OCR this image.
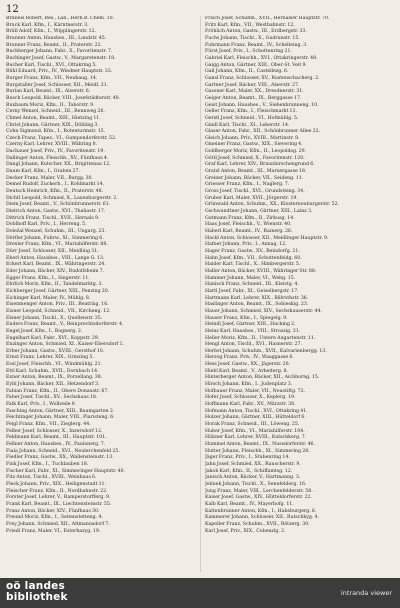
12

Bruneis Robert, Bes., Lab., Herb.B. Chem. 10.

Bruck Karl, Kfm., I., Kärntnerstr. 3.

Brüll Adolf, Kfm., I., Wipplingerstr. 12.

Brunner Anton, Hausbes., III., Landstr. 45.

Brunner Franz, Beamt., II., Praterstr. 22.

Buchberger Johann, Fabr., X., Favoritenstr. 7.

Buchinger Josef, Gastw., V., Margaretenstr. 18.

Bucher Karl, Tischl., XVI., Ottakring 5.

Bühl Eduard, Priv., IV., Wiedner Hauptstr. 33.

Burger Franz, Kfm., VII., Neubaug. 14.

Burgstaller Josef, Schlosser, XII., Meidl. 21.

Burian Karl, Beamt., IX., Alserstr. 6.

Busch Leopold, Bäcker, VIII., Josefstädterstr. 40.

Buxbaum Moriz, Kfm., II., Taborstr. 9.

Cerny Wenzel, Schneid., III., Rennweg 26.

Chmel Anton, Beamt., XIII., Hietzing 11.

Christ Johann, Gärtner, XIX., Döbling 3.

Cohn Sigmund, Kfm., I., Rotenturmstr. 15.

Czech Franz, Tapez., VI., Gumpendorferstr. 52.

Czerny Karl, Lehrer, XVIII., Währing 8.

Dachauer Josef, Priv., IV., Favoritenstr. 19.

Dallinger Anton, Fleischh., XV., Fünfhaus 4.

Dangl Johann, Kutscher, XX., Brigittenau 12.

Daum Karl, Kfm., I., Graben 27.

Decker Franz, Maler, VII., Burgg. 30.

Demel Rudolf, Zuckerb., I., Kohlmarkt 14.

Deutsch Heinrich, Kfm., II., Praterstr. 48.

Dichtl Leopold, Schmied, X., Laxenburgerstr. 2.

Diem Josef, Beamt., V., Schönbrunnerstr. 61.

Dietrich Anton, Gastw., XVI., Thaliastr. 17.

Dittrich Franz, Tischl., XVII., Hernals 9.

Doblhoff Karl, Priv., I., Herreng. 5.

Doležal Wenzel, Schuhm., III., Ungarg. 23.

Dörfler Johann, Fuhrw., XI., Simmering 6.

Drexler Franz, Kfm., VI., Mariahilferstr. 88.

Dürr Josef, Schlosser, XII., Meidling 31.

Eberl Anton, Hausbes., VIII., Lange G. 13.

Eckert Karl, Beamt., IX., Währingerstr. 24.

Eder Johann, Bäcker, XIV., Rudolfsheim 7.

Egger Franz, Kfm., I., Singerstr. 11.

Ehrlich Moriz, Kfm., II., Tandelmarktg. 3.

Eichberger Josef, Gärtner, XIII., Penzing 20.

Eichinger Karl, Maler, IV., Mühlg. 8.

Eisenmenger Anton, Priv., III., Beatrixg. 16.

Eisner Leopold, Schneid., VII., Kircheng. 12.

Elsner Johann, Tischl., X., Quellenstr. 35.

Enders Franz, Beamt., V., Reinprechtsdorferstr. 4.

Engel Josef, Kfm., I., Bognerg. 2.

Engelhart Karl, Fabr., XVI., Koppstr. 29.

Enzinger Anton, Schmied, XI., Kaiser-Ebersdorf 1.

Erber Johann, Gastw., XVIII., Gersthof 10.

Ernst Franz, Lehrer, XIX., Grinzing 5.

Essl Josef, Fleischh., VI., Windmühlg. 21.

Ettl Karl, Schuhm., XVII., Dornbach 14.

Exner Anton, Beamt., IX., Porzellang. 38.

Eybl Johann, Bäcker, XII., Hetzendorf 3.

Fabian Franz, Kfm., II., Obere Donaustr. 67.

Faber Josef, Tischl., XV., Sechshaus 18.

Falk Karl, Priv., I., Wollzeile 9.

Fasching Anton, Gärtner, XIII., Baumgarten 2.

Feichtinger Johann, Maler, VIII., Piaristeng. 6.

Feigl Franz, Kfm., VII., Zieglerg. 44.

Felber Josef, Schlosser, X., Inzersdorf 12.

Feldmann Karl, Beamt., III., Hauptstr. 101.

Fellner Anton, Hausbes., IV., Paulanerg. 7.

Fiala Johann, Schneid., XVI., Neulerchenfeld 25.

Fiedler Franz, Gastw., XX., Wallensteinstr. 13.

Fink Josef, Kfm., I., Tuchlauben 18.

Fischer Karl, Fabr., XI., Simmeringer Hauptstr. 40.

Fitz Anton, Tischl., XVIII., Weinhaus 6.

Fleck Johann, Priv., XIX., Heiligenstadt 11.

Fleischer Franz, Kfm., II., Nordbahnstr. 22.

Forster Josef, Lehrer, V., Ramperstorfferg. 9.

Frank Karl, Beamt., IX., Liechtensteinstr. 55.

Franz Anton, Bäcker, XIV., Fünfhaus 30.

Freund Moriz, Kfm., I., Seitenstetteng. 4.

Frey Johann, Schmied, XII., Altmannsdorf 7.

Friedl Franz, Maler, VI., Esterhazyg. 19.

Frisch Josef, Schuhm., XVII., Hernalser Hauptstr. 70.

Fritz Karl, Kfm., VII., Westbahnstr. 12.

Fröhlich Anton, Gastw., III., Erdbergstr. 33.

Fuchs Johann, Tischl., X., Gudrunstr. 15.

Fuhrmann Franz, Beamt., IV., Schelleing. 3.

Fürst Josef, Priv., I., Schottenring 21.

Gabriel Karl, Fleischh., XVI., Ottakringerstr. 48.

Gaigg Anton, Gärtner, XIII., Ober-St. Veit 9.

Gall Johann, Kfm., II., Castellezg. 6.

Gansl Franz, Schlosser, XV., Rustenschacherg. 2.

Gartner Josef, Bäcker, VIII., Alserstr. 27.

Gassner Karl, Maler, XX., Dresdnerstr. 31.

Geiger Anton, Beamt., IX., Berggasse 17.

Geist Johann, Hausbes., V., Siebenbrunneng. 10.

Geller Franz, Kfm., I., Fleischmarkt 13.

Gerstl Josef, Schneid., VI., Hofmühlg. 5.

Gindl Karl, Tischl., XI., Leberstr. 14.

Glaser Anton, Fabr., XII., Schönbrunner Allee 22.

Gleich Johann, Priv., XVIII., Martinstr. 8.

Gmeiner Franz, Gastw., XIX., Sievering 4.

Goldberger Moriz, Kfm., II., Leopoldsg. 29.

Göttl Josef, Schmied, X., Favoritenstr. 120.

Graf Karl, Lehrer, XIV., Braunhirschengrund 6.

Gratzl Anton, Beamt., III., Marxergasse 18.

Greiner Johann, Bäcker, VII., Seideng. 11.

Griesser Franz, Kfm., I., Naglerg. 7.

Gross Josef, Tischl., XVI., Grundsteing. 34.

Gruber Karl, Maler, XVII., Jörgerstr. 19.

Grünwald Anton, Schuhm., XX., Klosterneuburgerstr. 52.

Gschwandtner Johann, Gärtner, XIII., Lainz 3.

Gutmann Franz, Kfm., II., Zirkusg. 14.

Haas Josef, Fleischh., V., Wienstr. 40.

Haberl Karl, Beamt., IV., Rainerg. 26.

Hackl Anton, Schlosser, XII., Meidlinger Hauptstr. 9.

Hafner Johann, Priv., I., Annag. 12.

Hager Franz, Gastw., XV., Reindorfg. 21.

Hahn Josef, Kfm., VII., Schottenfeldg. 60.

Haider Karl, Tischl., X., Himbergerstr. 5.

Haller Anton, Bäcker, XVIII., Währinger Str. 88.

Hammer Johann, Maler, VI., Webg. 15.

Hanisch Franz, Schneid., III., Kleistg. 4.

Hartl Josef, Fabr., XI., Geiselbergstr. 17.

Hartmann Karl, Lehrer, XIX., Billrothstr. 36.

Haslinger Anton, Beamt., IX., Sobieskig. 23.

Hauer Johann, Schmied, XIV., Sechshauserstr. 44.

Hauser Franz, Kfm., I., Spiegelg. 9.

Heindl Josef, Gärtner, XIII., Hacking 2.

Heinz Karl, Hausbes., VIII., Strozzig. 31.

Heller Moriz, Kfm., II., Untere Augartenstr. 11.

Hengl Anton, Tischl., XVI., Hasnerstr. 27.

Herbst Johann, Schuhm., XVII., Kalvarienbergg. 13.

Herzog Franz, Priv., IV., Waaggasse 6.

Hess Josef, Gastw., XX., Jägerstr. 20.

Hiebl Karl, Beamt., V., Arbeiterg. 8.

Hinterberger Anton, Bäcker, XII., Aichhorng. 15.

Hirsch Johann, Kfm., I., Judenplatz 3.

Hofbauer Franz, Maler, VII., Neustiftg. 72.

Hofer Josef, Schlosser, X., Keplerg. 19.

Hoffmann Karl, Fabr., XV., Märzstr. 38.

Hofmann Anton, Tischl., XVI., Ottakring 41.

Holzer Johann, Gärtner, XIII., Hütteldorf 6.

Horak Franz, Schneid., III., Löweng. 25.

Huber Josef, Kfm., VI., Mariahilferstr. 104.

Hübner Karl, Lehrer, XVIII., Kutschkerg. 7.

Hummel Anton, Beamt., IX., Nussdorferstr. 46.

Hutter Johann, Fleischh., XI., Simmering 28.

Jäger Franz, Priv., I., Stubenring 14.

Jahn Josef, Schmied, XX., Rauscherstr. 9.

Jakob Karl, Kfm., II., Schiffamtsg. 12.

Janisch Anton, Bäcker, V., Hartmanng. 3.

Jelinek Johann, Tischl., X., Senefelderg. 16.

Jung Franz, Maler, VIII., Lerchenfelderstr. 58.

Kaiser Josef, Gastw., XIV., Hütteldorferstr. 22.

Kalb Karl, Beamt., IV., Mayerhofg. 11.

Kaltenbrunner Anton, Kfm., I., Habsburgerg. 6.

Kammerer Johann, Schlosser, XII., Ratschkyg. 4.

Kapeller Franz, Schuhm., XVII., Rötzerg. 30.

Karl Josef, Priv., XIX., Cobenzlg. 2.

oö landes
bibliothek	intranda viewer
